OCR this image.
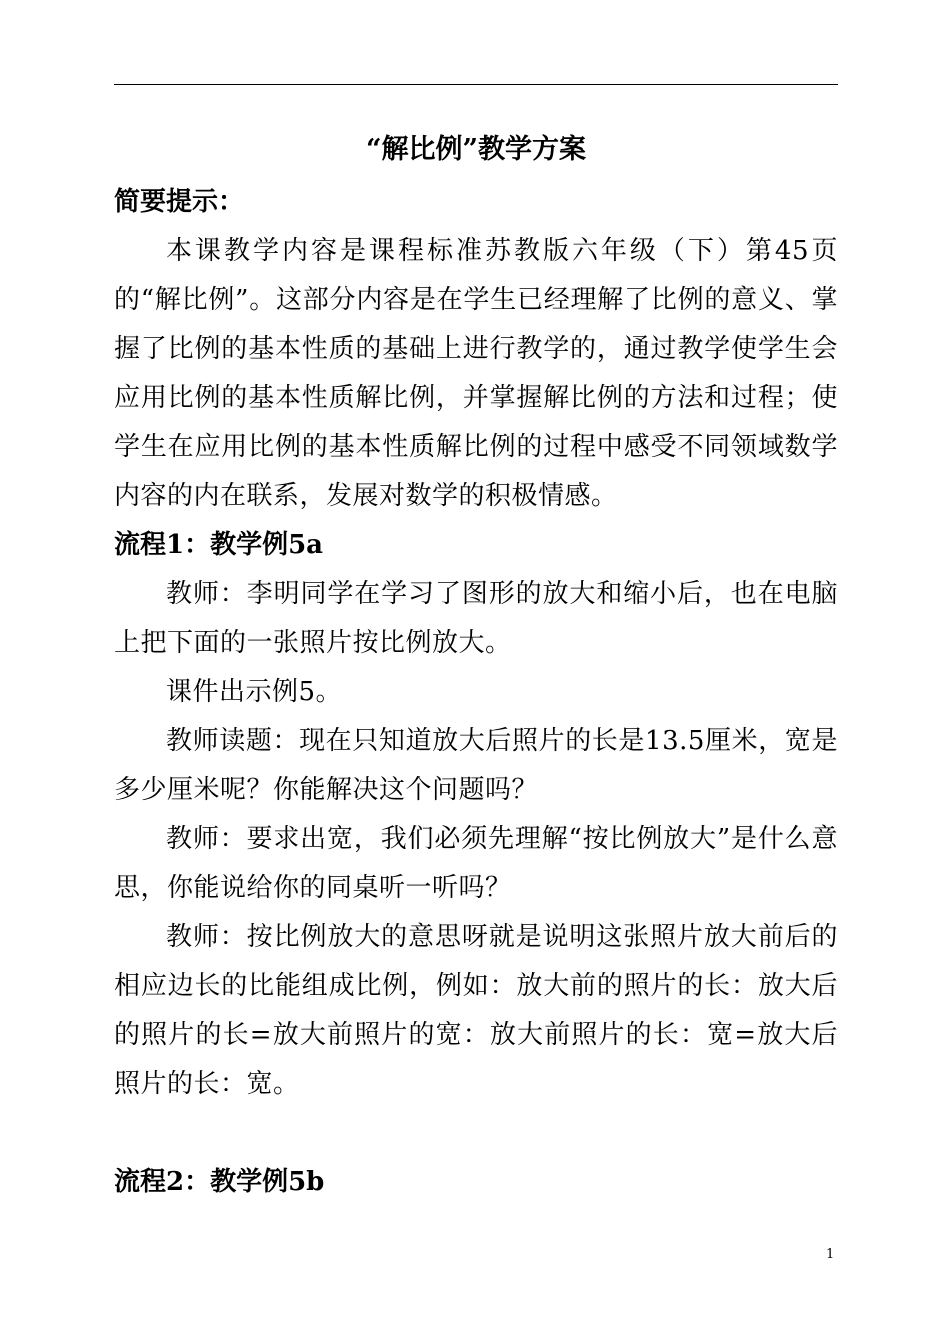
“解比例”教学方案

简要提示：

本课教学内容是课程标准苏教版六年级（下）第45页的“解比例”。这部分内容是在学生已经理解了比例的意义、掌握了比例的基本性质的基础上进行教学的，通过教学使学生会应用比例的基本性质解比例，并掌握解比例的方法和过程；使学生在应用比例的基本性质解比例的过程中感受不同领域数学内容的内在联系，发展对数学的积极情感。

流程1：教学例5a

教师：李明同学在学习了图形的放大和缩小后，也在电脑上把下面的一张照片按比例放大。

课件出示例5。

教师读题：现在只知道放大后照片的长是13.5厘米，宽是多少厘米呢？你能解决这个问题吗？

教师：要求出宽，我们必须先理解“按比例放大”是什么意思，你能说给你的同桌听一听吗？

教师：按比例放大的意思呀就是说明这张照片放大前后的相应边长的比能组成比例，例如：放大前的照片的长：放大后的照片的长=放大前照片的宽：放大前照片的长：宽=放大后照片的长：宽。

流程2：教学例5b

1
